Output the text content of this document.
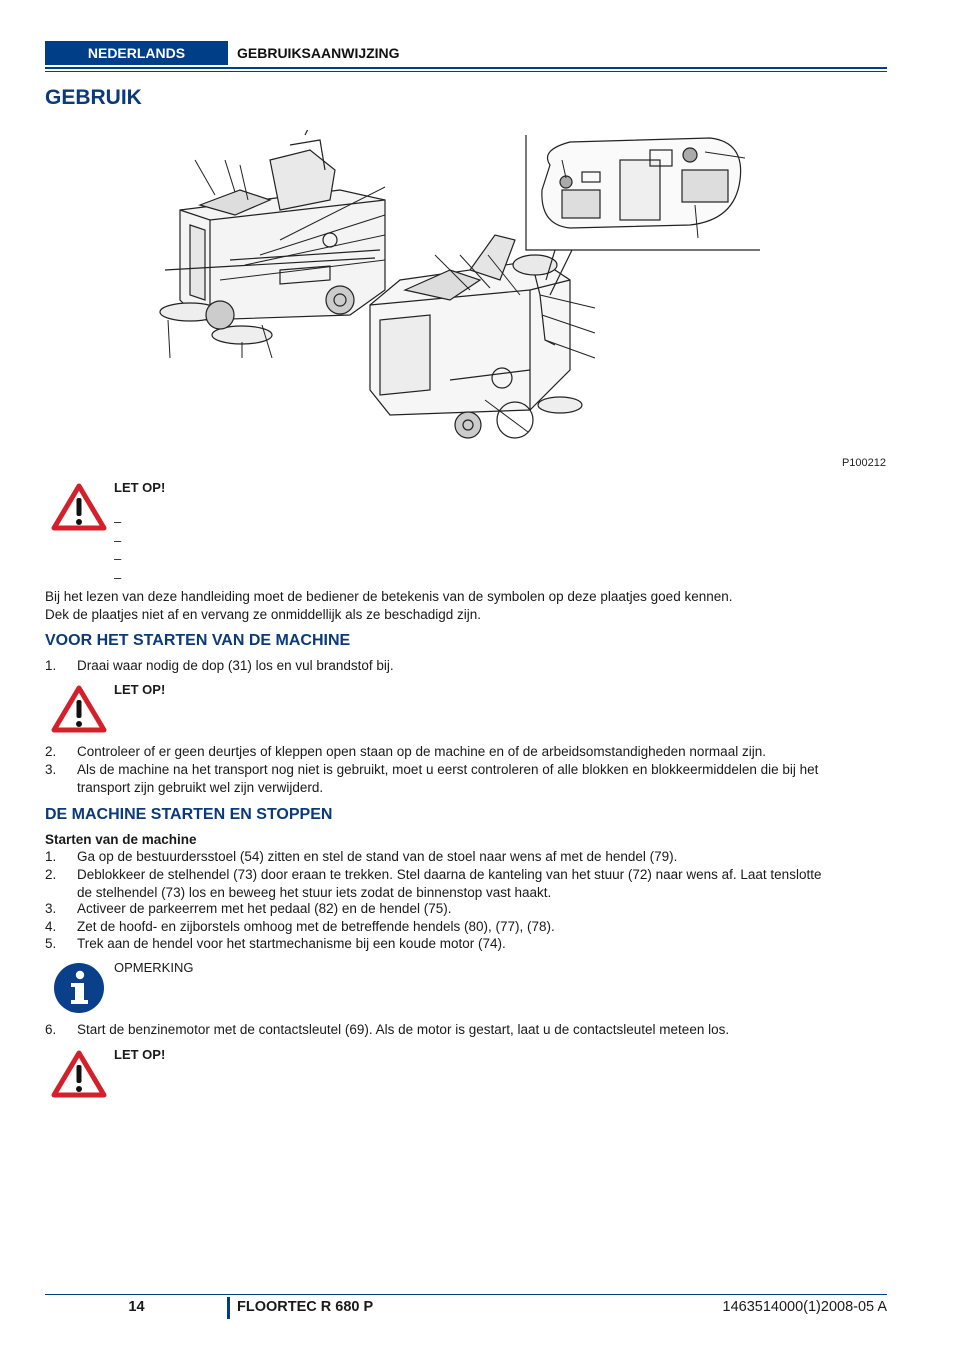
NEDERLANDS	GEBRUIKSAANWIJZING
GEBRUIK
P100212
LET OP!
–
–
–
–
Bij het lezen van deze handleiding moet de bediener de betekenis van de symbolen op deze plaatjes goed kennen.
Dek de plaatjes niet af en vervang ze onmiddellijk als ze beschadigd zijn.
VOOR HET STARTEN VAN DE MACHINE
1. Draai waar nodig de dop (31) los en vul brandstof bij.
LET OP!
2. Controleer of er geen deurtjes of kleppen open staan op de machine en of de arbeidsomstandigheden normaal zijn.
3. Als de machine na het transport nog niet is gebruikt, moet u eerst controleren of alle blokken en blokkeermiddelen die bij het
transport zijn gebruikt wel zijn verwijderd.
DE MACHINE STARTEN EN STOPPEN
Starten van de machine
1. Ga op de bestuurdersstoel (54) zitten en stel de stand van de stoel naar wens af met de hendel (79).
2. Deblokkeer de stelhendel (73) door eraan te trekken. Stel daarna de kanteling van het stuur (72) naar wens af. Laat tenslotte
de stelhendel (73) los en beweeg het stuur iets zodat de binnenstop vast haakt.
3. Activeer de parkeerrem met het pedaal (82) en de hendel (75).
4. Zet de hoofd- en zijborstels omhoog met de betreffende hendels (80), (77), (78).
5. Trek aan de hendel voor het startmechanisme bij een koude motor (74).
OPMERKING
6. Start de benzinemotor met de contactsleutel (69). Als de motor is gestart, laat u de contactsleutel meteen los.
LET OP!
14	FLOORTEC R 680 P	1463514000(1)2008-05 A
